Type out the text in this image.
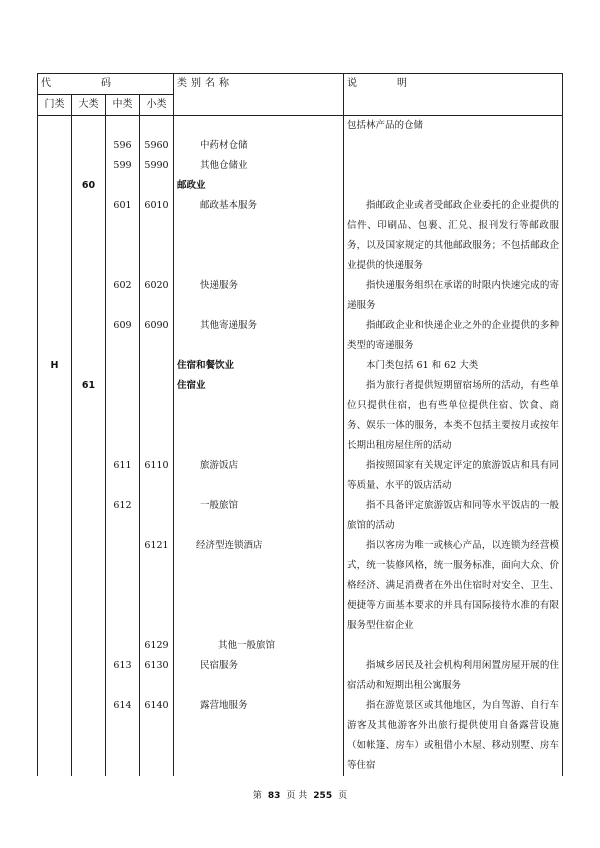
代 码				类别名称	说 明
门类	大类	中类	小类		
					包括林产品的仓储
		596	5960	中药材仓储	
		599	5990	其他仓储业	
	60			邮政业	
		601	6010	邮政基本服务	指邮政企业或者受邮政企业委托的企业提供的信件、印刷品、包裹、汇兑、报刊发行等邮政服务，以及国家规定的其他邮政服务；不包括邮政企业提供的快递服务
		602	6020	快递服务	指快递服务组织在承诺的时限内快速完成的寄递服务
		609	6090	其他寄递服务	指邮政企业和快递企业之外的企业提供的多种类型的寄递服务
H				住宿和餐饮业	本门类包括 61 和 62 大类
	61			住宿业	指为旅行者提供短期留宿场所的活动，有些单位只提供住宿，也有些单位提供住宿、饮食、商务、娱乐一体的服务，本类不包括主要按月或按年长期出租房屋住所的活动
		611	6110	旅游饭店	指按照国家有关规定评定的旅游饭店和具有同等质量、水平的饭店活动
		612		一般旅馆	指不具备评定旅游饭店和同等水平饭店的一般旅馆的活动
			6121	经济型连锁酒店	指以客房为唯一或核心产品，以连锁为经营模式，统一装修风格，统一服务标准，面向大众、价格经济、满足消费者在外出住宿时对安全、卫生、便捷等方面基本要求的并具有国际接待水准的有限服务型住宿企业
			6129	其他一般旅馆	
		613	6130	民宿服务	指城乡居民及社会机构利用闲置房屋开展的住宿活动和短期出租公寓服务
		614	6140	露营地服务	指在游览景区或其他地区，为自驾游、自行车游客及其他游客外出旅行提供使用自备露营设施（如帐篷、房车）或租借小木屋、移动别墅、房车等住宿
第 83 页 共 255 页
